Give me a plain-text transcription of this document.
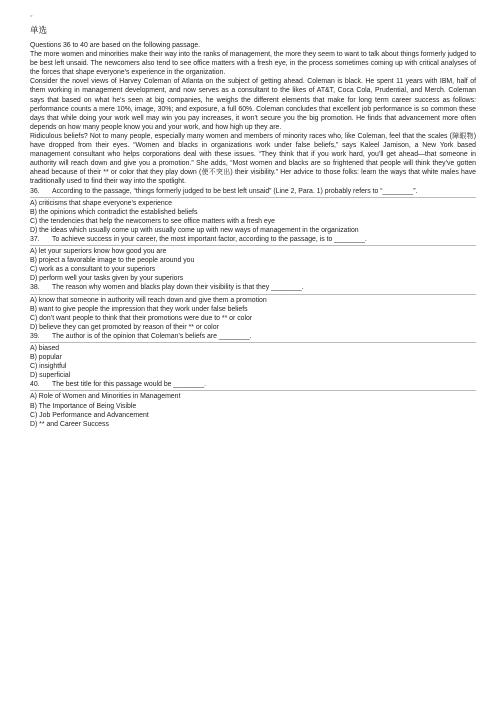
◦
单选

Questions 36 to 40 are based on the following passage.

The more women and minorities make their way into the ranks of management, the more they seem to want to talk about things formerly judged to be best left unsaid. The newcomers also tend to see office matters with a fresh eye, in the process sometimes coming up with critical analyses of the forces that shape everyone’s experience in the organization.

Consider the novel views of Harvey Coleman of Atlanta on the subject of getting ahead. Coleman is black. He spent 11 years with IBM, half of them working in management development, and now serves as a consultant to the likes of AT&T, Coca Cola, Prudential, and Merch. Coleman says that based on what he’s seen at big companies, he weighs the different elements that make for long term career success as follows: performance counts a mere 10%, image, 30%; and exposure, a full 60%. Coleman concludes that excellent job performance is so common these days that while doing your work well may win you pay increases, it won’t secure you the big promotion. He finds that advancement more often depends on how many people know you and your work, and how high up they are.

Ridiculous beliefs? Not to many people, especially many women and members of minority races who, like Coleman, feel that the scales (障眼物) have dropped from their eyes. “Women and blacks in organizations work under false beliefs,” says Kaleel Jamison, a New York based management consultant who helps corporations deal with these issues. “They think that if you work hard, you’ll get ahead—that someone in authority will reach down and give you a promotion.” She adds, “Most women and blacks are so frightened that people will think they’ve gotten ahead because of their ** or color that they play down (使不突出) their visibility.” Her advice to those folks: learn the ways that white males have traditionally used to find their way into the spotlight.

36. According to the passage, “things formerly judged to be best left unsaid” (Line 2, Para. 1) probably refers to “________”.

A) criticisms that shape everyone’s experience

B) the opinions which contradict the established beliefs

C) the tendencies that help the newcomers to see office matters with a fresh eye

D) the ideas which usually come up with usually come up with new ways of management in the organization

37. To achieve success in your career, the most important factor, according to the passage, is to ________.

A) let your superiors know how good you are

B) project a favorable image to the people around you

C) work as a consultant to your superiors

D) perform well your tasks given by your superiors

38. The reason why women and blacks play down their visibility is that they ________.

A) know that someone in authority will reach down and give them a promotion

B) want to give people the impression that they work under false beliefs

C) don’t want people to think that their promotions were due to ** or color

D) believe they can get promoted by reason of their ** or color

39. The author is of the opinion that Coleman’s beliefs are ________.

A) biased

B) popular

C) insightful

D) superficial

40. The best title for this passage would be ________.

A) Role of Women and Minorities in Management

B) The Importance of Being Visible

C) Job Performance and Advancement

D) ** and Career Success
